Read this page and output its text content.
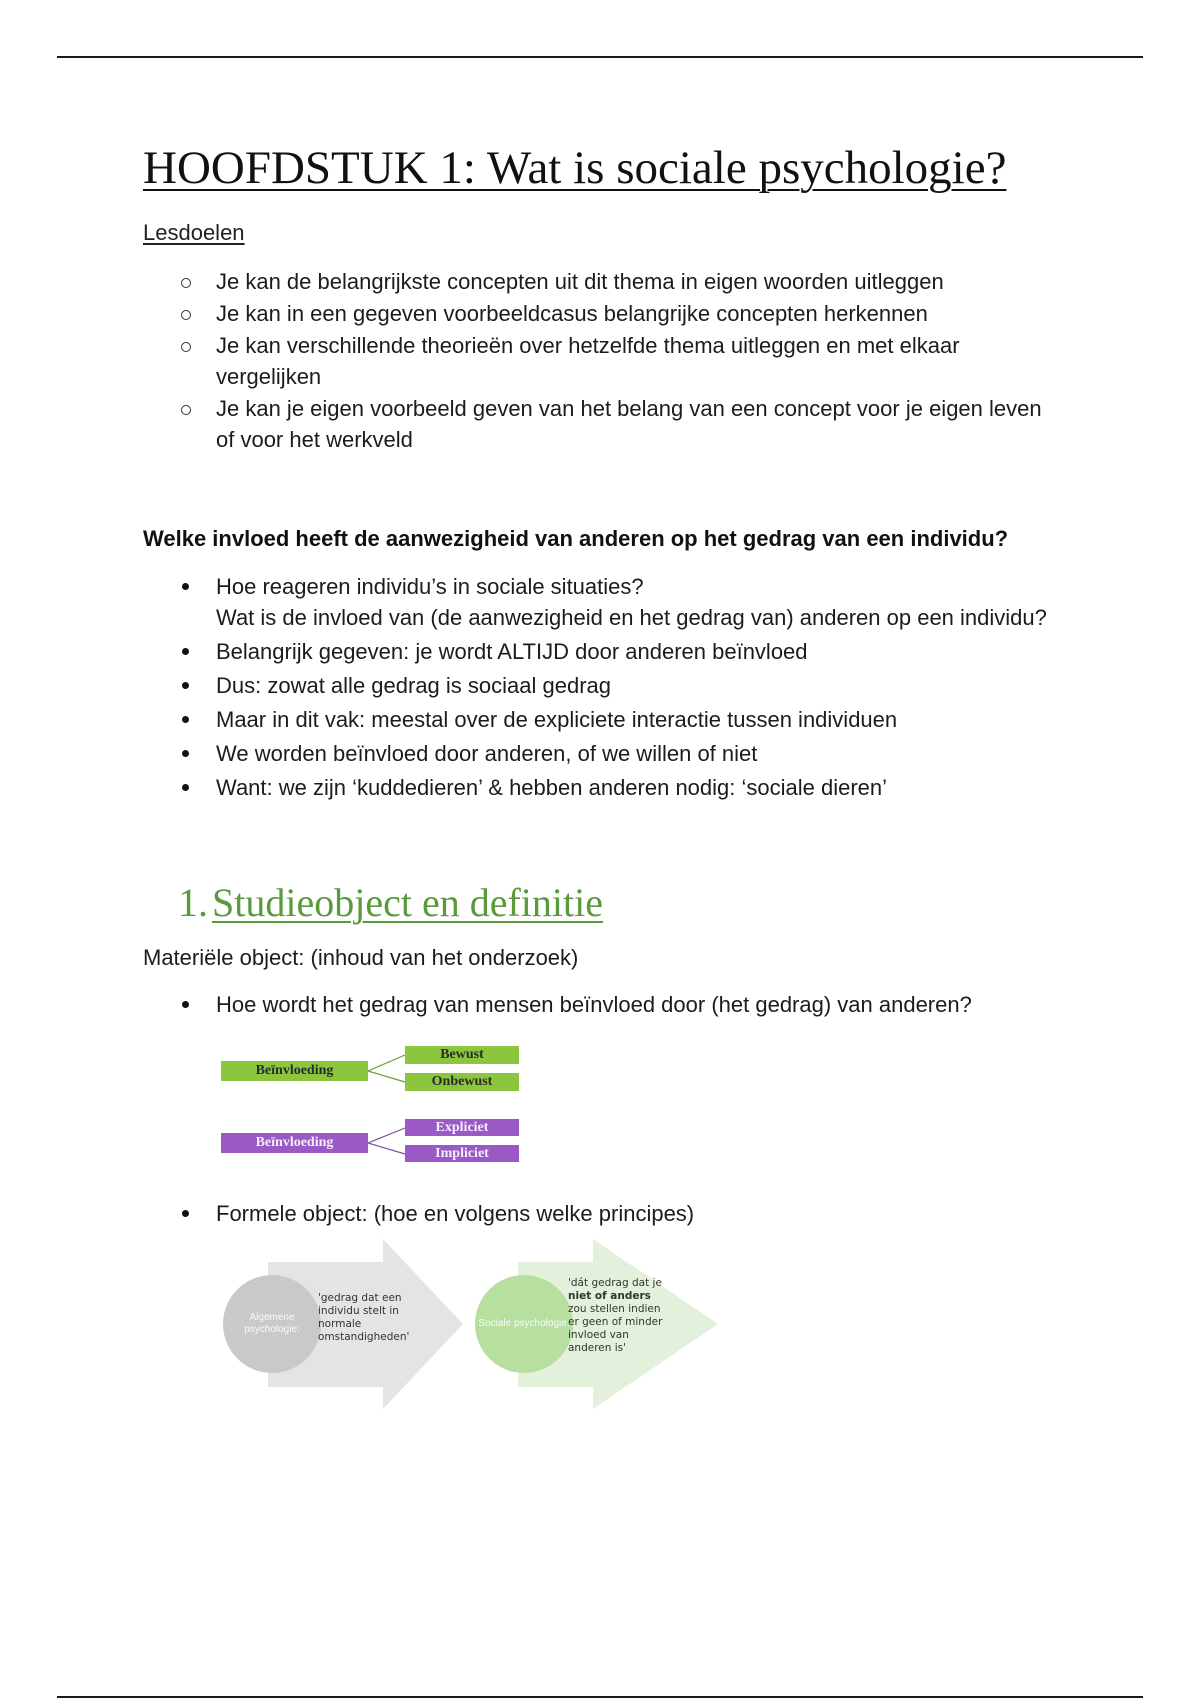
HOOFDSTUK 1: Wat is sociale psychologie?
Lesdoelen
Je kan de belangrijkste concepten uit dit thema in eigen woorden uitleggen
Je kan in een gegeven voorbeeldcasus belangrijke concepten herkennen
Je kan verschillende theorieën over hetzelfde thema uitleggen en met elkaar vergelijken
Je kan je eigen voorbeeld geven van het belang van een concept voor je eigen leven of voor het werkveld
Welke invloed heeft de aanwezigheid van anderen op het gedrag van een individu?
Hoe reageren individu’s in sociale situaties?
Wat is de invloed van (de aanwezigheid en het gedrag van) anderen op een individu?
Belangrijk gegeven: je wordt ALTIJD door anderen beïnvloed
Dus: zowat alle gedrag is sociaal gedrag
Maar in dit vak: meestal over de expliciete interactie tussen individuen
We worden beïnvloed door anderen, of we willen of niet
Want: we zijn ‘kuddedieren’ & hebben anderen nodig: ‘sociale dieren’
1. Studieobject en definitie
Materiële object: (inhoud van het onderzoek)
Hoe wordt het gedrag van mensen beïnvloed door (het gedrag) van anderen?
Beïnvloeding
Bewust
Onbewust
Beïnvloeding
Expliciet
Impliciet
Formele object: (hoe en volgens welke principes)
Algemene psychologie:
'gedrag dat een individu stelt in normale omstandigheden'
Sociale psychologie:
'dát gedrag dat je niet of anders zou stellen indien er geen of minder invloed van anderen is'
